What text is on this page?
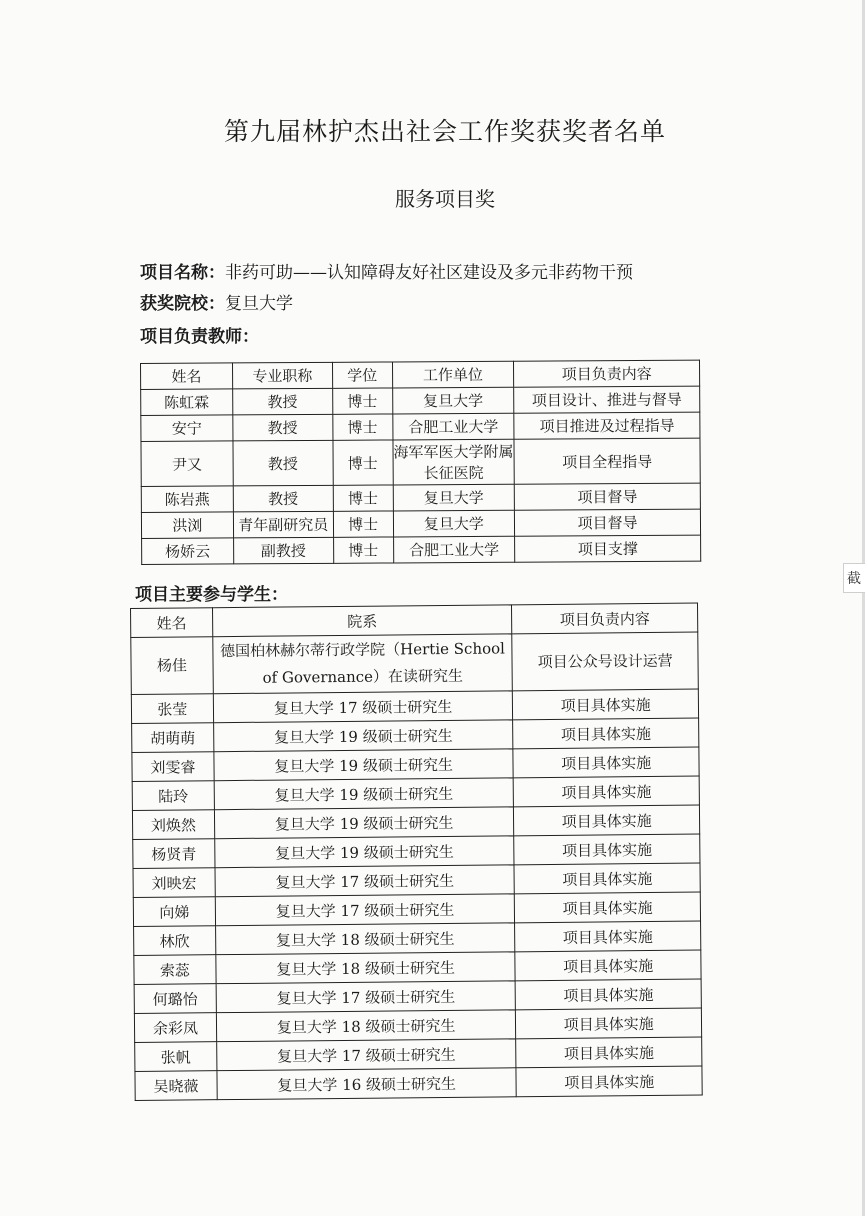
第九届林护杰出社会工作奖获奖者名单
服务项目奖
项目名称：非药可助——认知障碍友好社区建设及多元非药物干预
获奖院校：复旦大学
项目负责教师：
姓名	专业职称	学位	工作单位	项目负责内容
陈虹霖	教授	博士	复旦大学	项目设计、推进与督导
安宁	教授	博士	合肥工业大学	项目推进及过程指导
尹又	教授	博士	海军军医大学附属长征医院	项目全程指导
陈岩燕	教授	博士	复旦大学	项目督导
洪浏	青年副研究员	博士	复旦大学	项目督导
杨娇云	副教授	博士	合肥工业大学	项目支撑
项目主要参与学生：
姓名	院系	项目负责内容
杨佳	德国柏林赫尔蒂行政学院（Hertie School of Governance）在读研究生	项目公众号设计运营
张莹	复旦大学 17 级硕士研究生	项目具体实施
胡萌萌	复旦大学 19 级硕士研究生	项目具体实施
刘雯睿	复旦大学 19 级硕士研究生	项目具体实施
陆玲	复旦大学 19 级硕士研究生	项目具体实施
刘焕然	复旦大学 19 级硕士研究生	项目具体实施
杨贤青	复旦大学 19 级硕士研究生	项目具体实施
刘映宏	复旦大学 17 级硕士研究生	项目具体实施
向娣	复旦大学 17 级硕士研究生	项目具体实施
林欣	复旦大学 18 级硕士研究生	项目具体实施
索蕊	复旦大学 18 级硕士研究生	项目具体实施
何璐怡	复旦大学 17 级硕士研究生	项目具体实施
余彩凤	复旦大学 18 级硕士研究生	项目具体实施
张帆	复旦大学 17 级硕士研究生	项目具体实施
吴晓薇	复旦大学 16 级硕士研究生	项目具体实施
截
